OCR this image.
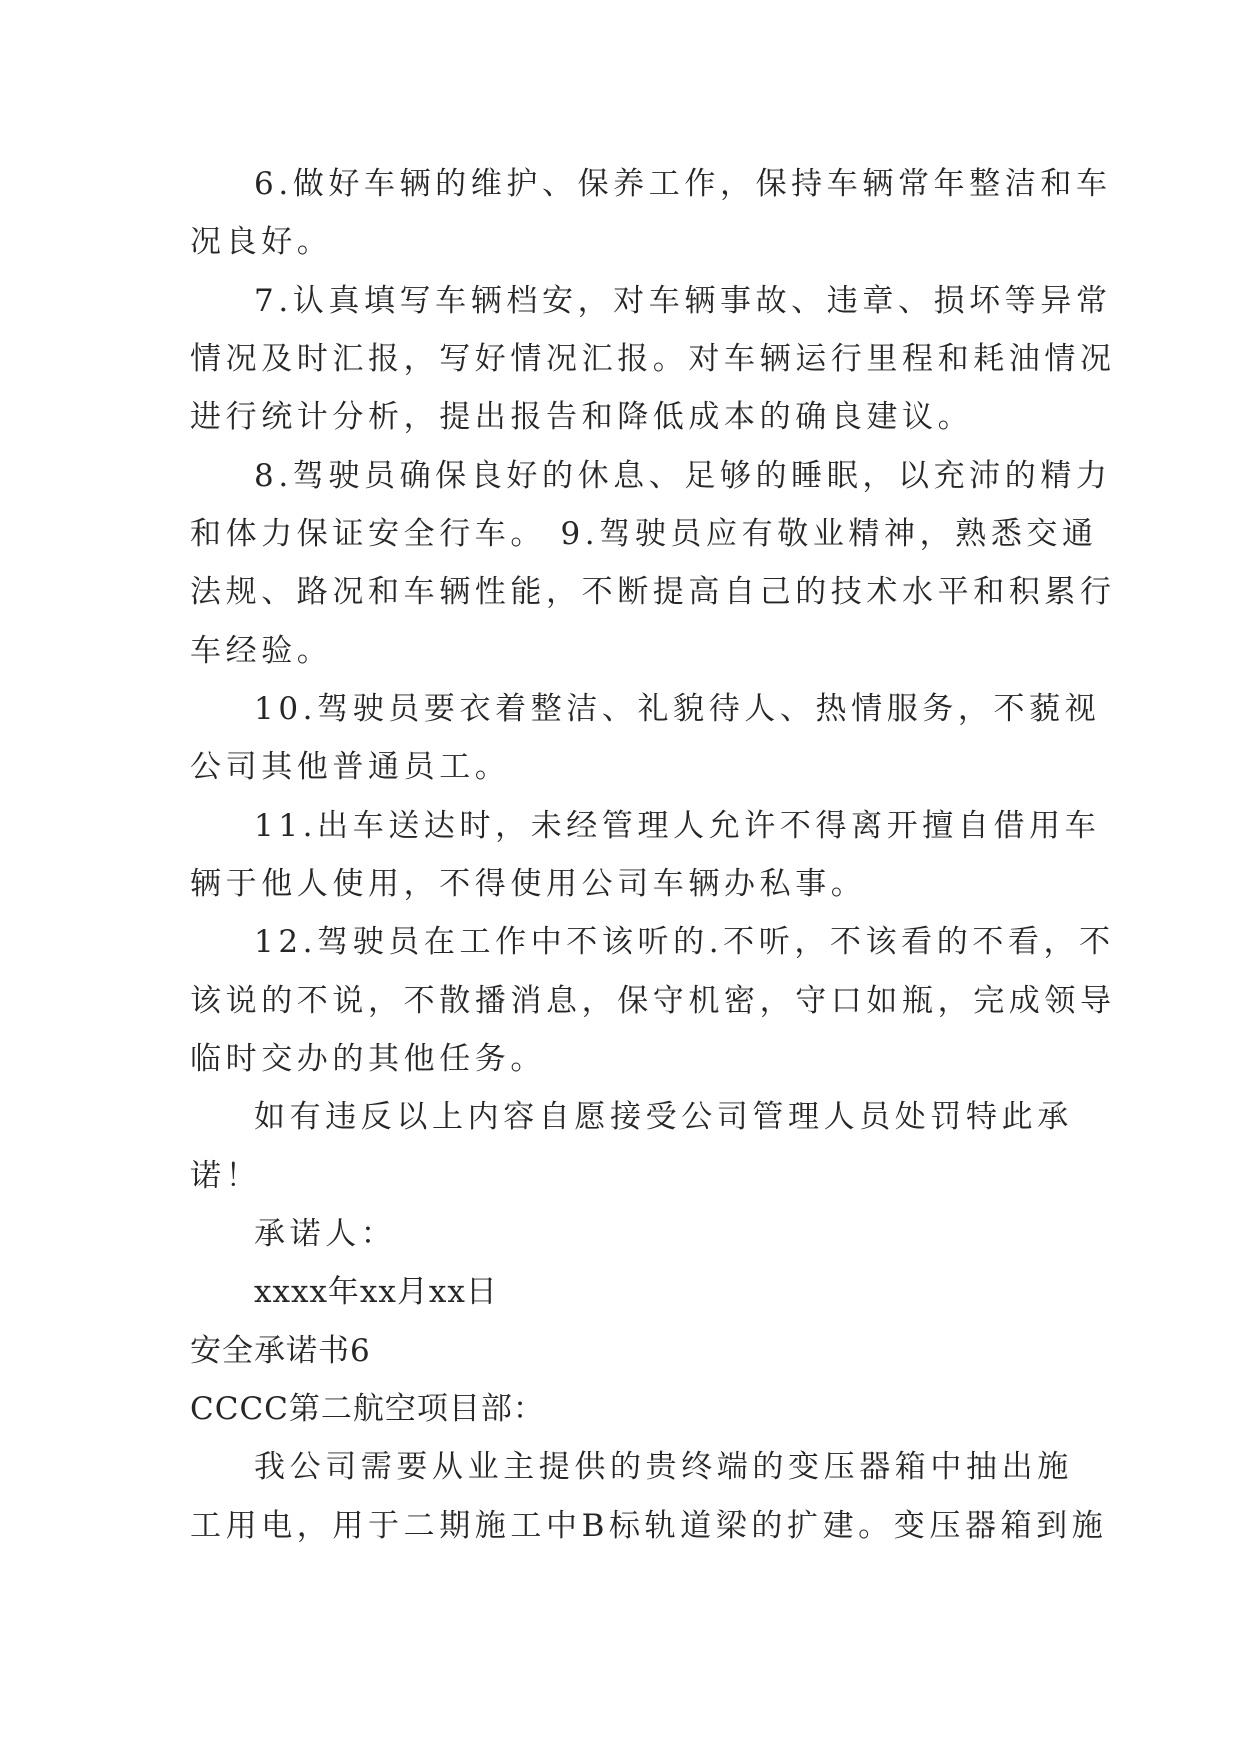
6.做好车辆的维护、保养工作，保持车辆常年整洁和车
况良好。
7.认真填写车辆档安，对车辆事故、违章、损坏等异常
情况及时汇报，写好情况汇报。对车辆运行里程和耗油情况
进行统计分析，提出报告和降低成本的确良建议。
8.驾驶员确保良好的休息、足够的睡眠，以充沛的精力
和体力保证安全行车。 9.驾驶员应有敬业精神，熟悉交通
法规、路况和车辆性能，不断提高自己的技术水平和积累行
车经验。
10.驾驶员要衣着整洁、礼貌待人、热情服务，不藐视
公司其他普通员工。
11.出车送达时，未经管理人允许不得离开擅自借用车
辆于他人使用，不得使用公司车辆办私事。
12.驾驶员在工作中不该听的.不听，不该看的不看，不
该说的不说，不散播消息，保守机密，守口如瓶，完成领导
临时交办的其他任务。
如有违反以上内容自愿接受公司管理人员处罚特此承
诺！
承诺人：
xxxx年xx月xx日
安全承诺书6
CCCC第二航空项目部：
我公司需要从业主提供的贵终端的变压器箱中抽出施
工用电，用于二期施工中B标轨道梁的扩建。变压器箱到施
